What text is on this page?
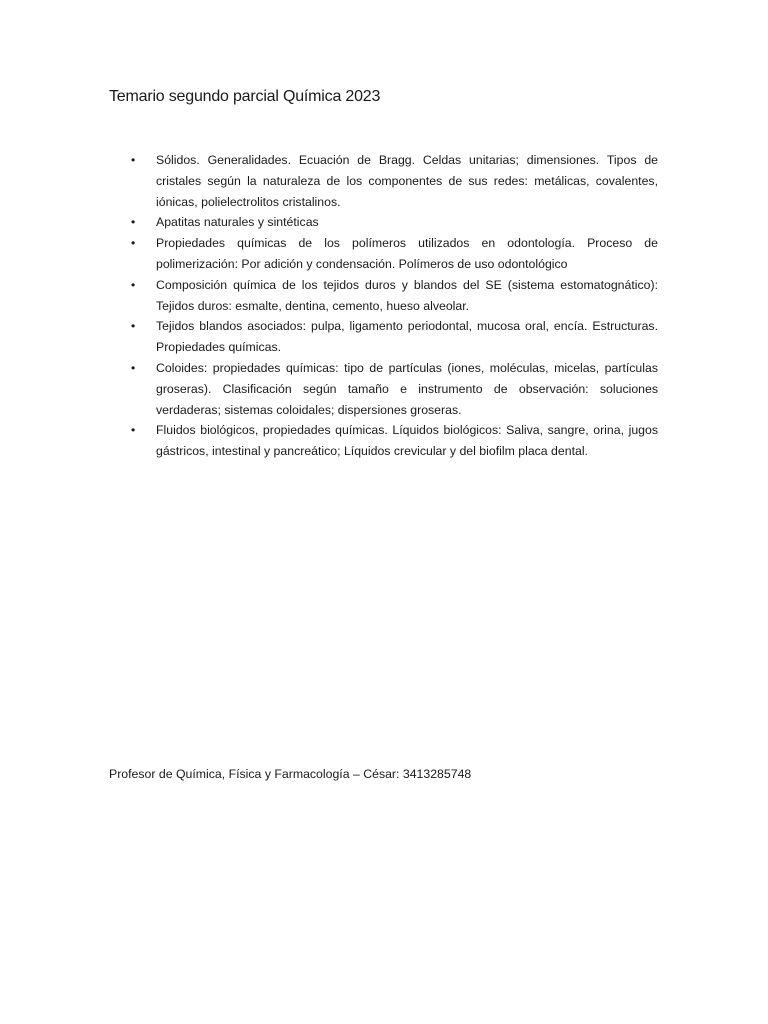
Temario segundo parcial Química 2023
•	Sólidos. Generalidades. Ecuación de Bragg. Celdas unitarias; dimensiones. Tipos de cristales según la naturaleza de los componentes de sus redes: metálicas, covalentes, iónicas, polielectrolitos cristalinos.
•	Apatitas naturales y sintéticas
•	Propiedades químicas de los polímeros utilizados en odontología. Proceso de polimerización: Por adición y condensación. Polímeros de uso odontológico
•	Composición química de los tejidos duros y blandos del SE (sistema estomatognático): Tejidos duros: esmalte, dentina, cemento, hueso alveolar.
•	Tejidos blandos asociados: pulpa, ligamento periodontal, mucosa oral, encía. Estructuras. Propiedades químicas.
•	Coloides: propiedades químicas: tipo de partículas (iones, moléculas, micelas, partículas groseras). Clasificación según tamaño e instrumento de observación: soluciones verdaderas; sistemas coloidales; dispersiones groseras.
•	Fluidos biológicos, propiedades químicas. Líquidos biológicos: Saliva, sangre, orina, jugos gástricos, intestinal y pancreático; Líquidos crevicular y del biofilm placa dental.

Profesor de Química, Física y Farmacología – César: 3413285748
